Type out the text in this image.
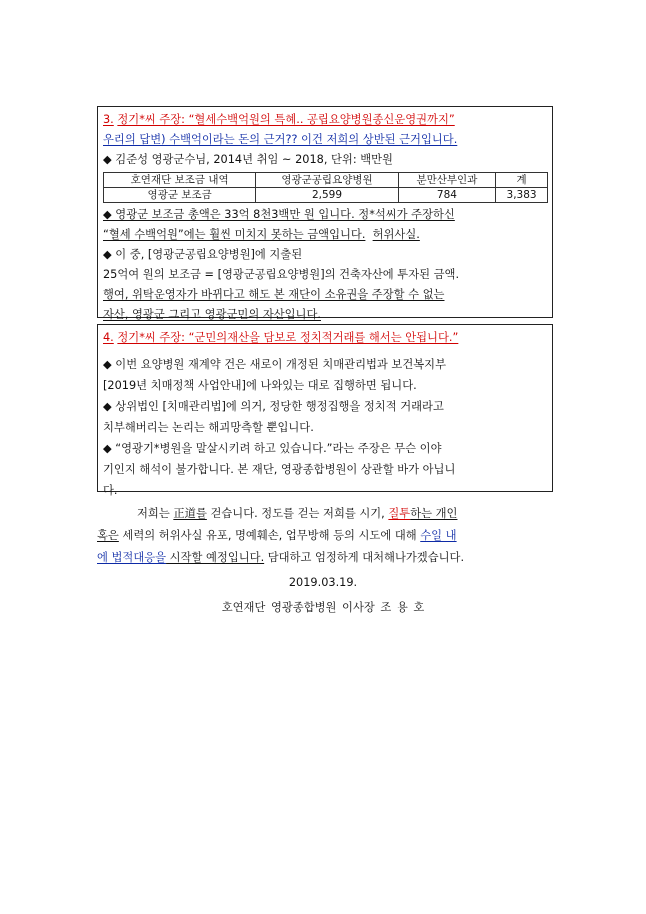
3. 정기*씨 주장: “혈세수백억원의 특혜.. 공립요양병원종신운영권까지”
우리의 답변) 수백억이라는 돈의 근거?? 이건 저희의 상반된 근거입니다.
◆ 김준성 영광군수님, 2014년 취임 ~ 2018, 단위: 백만원
호연재단 보조금 내역	영광군공립요양병원	분만산부인과	계
영광군 보조금	2,599	784	3,383
◆ 영광군 보조금 총액은 33억 8천3백만 원 입니다. 정*석씨가 주장하신
“혈세 수백억원”에는 훨씬 미치지 못하는 금액입니다. 허위사실.
◆ 이 중, [영광군공립요양병원]에 지출된
25억여 원의 보조금 = [영광군공립요양병원]의 건축자산에 투자된 금액.
행여, 위탁운영자가 바뀌다고 해도 본 재단이 소유권을 주장할 수 없는
자산, 영광군 그리고 영광군민의 자산입니다.
4. 정기*씨 주장: “군민의재산을 담보로 정치적거래를 해서는 안됩니다.”
◆ 이번 요양병원 재계약 건은 새로이 개정된 치매관리법과 보건복지부
[2019년 치매정책 사업안내]에 나와있는 대로 집행하면 됩니다.
◆ 상위법인 [치매관리법]에 의거, 정당한 행정집행을 정치적 거래라고
치부해버리는 논리는 해괴망측할 뿐입니다.
◆ “영광기*병원을 말살시키려 하고 있습니다.”라는 주장은 무슨 이야
기인지 해석이 불가합니다. 본 재단, 영광종합병원이 상관할 바가 아닙니
다.
저희는 正道를 걷습니다. 정도를 걷는 저희를 시기, 질투하는 개인
혹은 세력의 허위사실 유포, 명예훼손, 업무방해 등의 시도에 대해 수일 내
에 법적대응을 시작할 예정입니다. 담대하고 엄정하게 대처해나가겠습니다.
2019.03.19.
호연재단 영광종합병원 이사장 조 용 호
